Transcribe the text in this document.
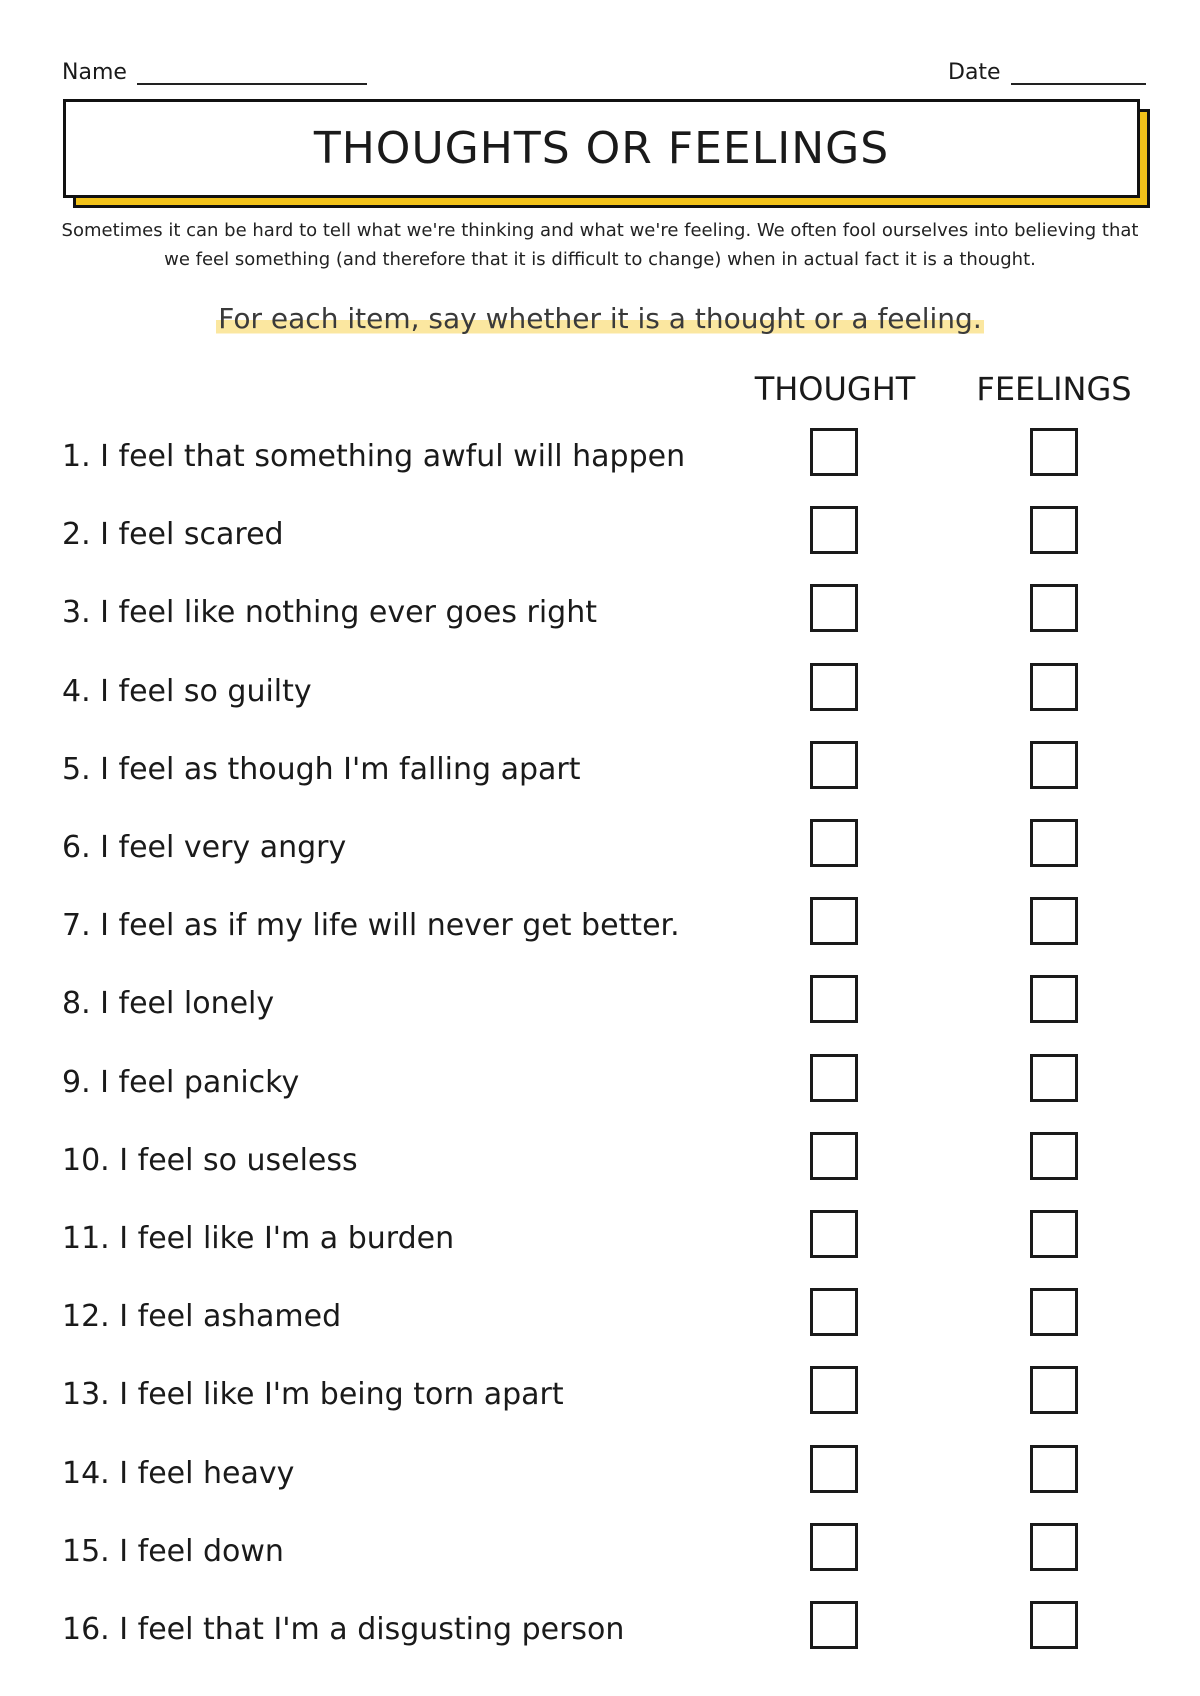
Name	Date
THOUGHTS OR FEELINGS
Sometimes it can be hard to tell what we're thinking and what we're feeling. We often fool ourselves into believing that we feel something (and therefore that it is difficult to change) when in actual fact it is a thought.
For each item, say whether it is a thought or a feeling.
THOUGHT	FEELINGS
1. I feel that something awful will happen
2. I feel scared
3. I feel like nothing ever goes right
4. I feel so guilty
5. I feel as though I'm falling apart
6. I feel very angry
7. I feel as if my life will never get better.
8. I feel lonely
9. I feel panicky
10. I feel so useless
11. I feel like I'm a burden
12. I feel ashamed
13. I feel like I'm being torn apart
14. I feel heavy
15. I feel down
16. I feel that I'm a disgusting person
